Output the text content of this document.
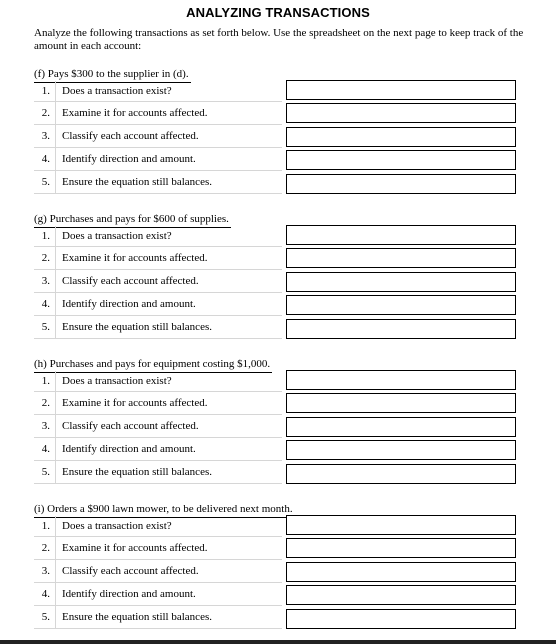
ANALYZING TRANSACTIONS
Analyze the following transactions as set forth below. Use the spreadsheet on the next page to keep track of the amount in each account:
(f) Pays $300 to the supplier in (d).
1.	Does a transaction exist?
2.	Examine it for accounts affected.
3.	Classify each account affected.
4.	Identify direction and amount.
5.	Ensure the equation still balances.
(g) Purchases and pays for $600 of supplies.
1.	Does a transaction exist?
2.	Examine it for accounts affected.
3.	Classify each account affected.
4.	Identify direction and amount.
5.	Ensure the equation still balances.
(h) Purchases and pays for equipment costing $1,000.
1.	Does a transaction exist?
2.	Examine it for accounts affected.
3.	Classify each account affected.
4.	Identify direction and amount.
5.	Ensure the equation still balances.
(i) Orders a $900 lawn mower, to be delivered next month.
1.	Does a transaction exist?
2.	Examine it for accounts affected.
3.	Classify each account affected.
4.	Identify direction and amount.
5.	Ensure the equation still balances.
